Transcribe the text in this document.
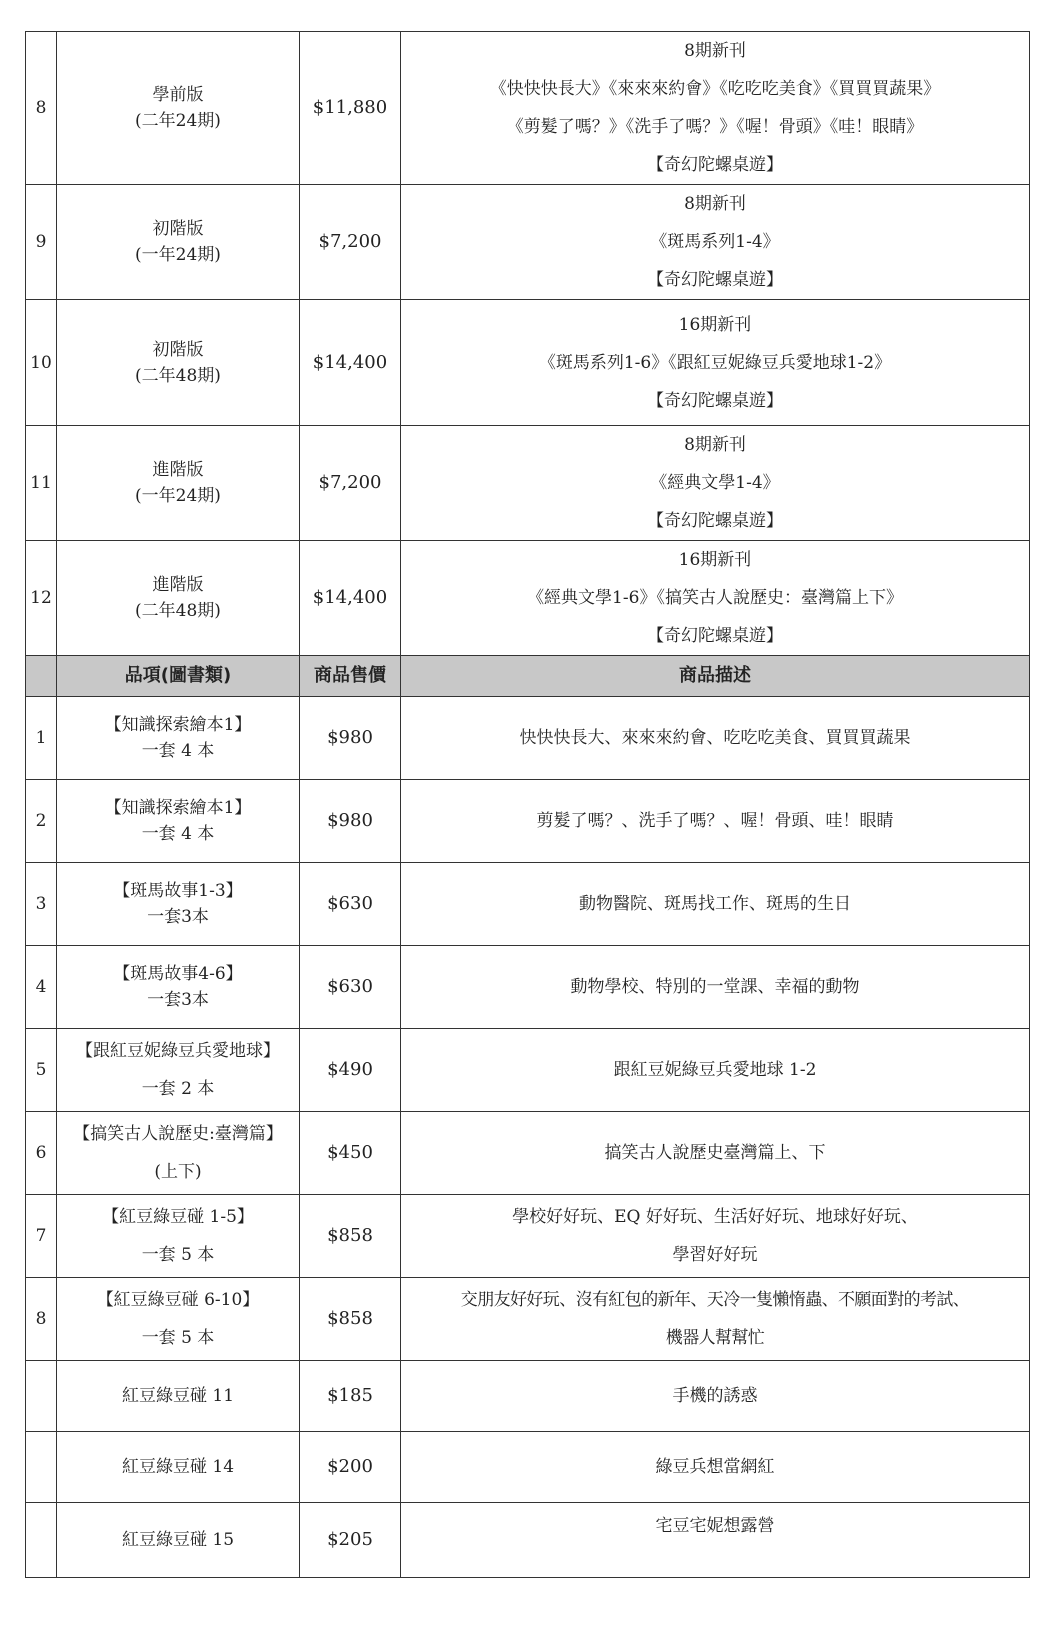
8	學前版
(二年24期)	$11,880	8期新刊
《快快快長大》《來來來約會》《吃吃吃美食》《買買買蔬果》
《剪髮了嗎？》《洗手了嗎？》《喔！骨頭》《哇！眼睛》
【奇幻陀螺桌遊】

9	初階版
(一年24期)	$7,200	8期新刊
《斑馬系列1-4》
【奇幻陀螺桌遊】

10	初階版
(二年48期)	$14,400	16期新刊
《斑馬系列1-6》《跟紅豆妮綠豆兵愛地球1-2》
【奇幻陀螺桌遊】

11	進階版
(一年24期)	$7,200	8期新刊
《經典文學1-4》
【奇幻陀螺桌遊】

12	進階版
(二年48期)	$14,400	16期新刊
《經典文學1-6》《搞笑古人說歷史：臺灣篇上下》
【奇幻陀螺桌遊】

	品項(圖書類)	商品售價	商品描述
1	【知識探索繪本1】
一套 4 本	$980	快快快長大、來來來約會、吃吃吃美食、買買買蔬果

2	【知識探索繪本1】
一套 4 本	$980	剪髮了嗎？、洗手了嗎？、喔！骨頭、哇！眼睛

3	【斑馬故事1-3】
一套3本	$630	動物醫院、斑馬找工作、斑馬的生日

4	【斑馬故事4-6】
一套3本	$630	動物學校、特別的一堂課、幸福的動物

5	【跟紅豆妮綠豆兵愛地球】
一套 2 本	$490	跟紅豆妮綠豆兵愛地球 1-2

6	【搞笑古人說歷史:臺灣篇】
(上下)	$450	搞笑古人說歷史臺灣篇上、下

7	【紅豆綠豆碰 1-5】
一套 5 本	$858	學校好好玩、EQ 好好玩、生活好好玩、地球好好玩、
學習好好玩

8	【紅豆綠豆碰 6-10】
一套 5 本	$858	交朋友好好玩、沒有紅包的新年、天冷一隻懶惰蟲、不願面對的考試、
機器人幫幫忙

	紅豆綠豆碰 11	$185	手機的誘惑

	紅豆綠豆碰 14	$200	綠豆兵想當網紅

	紅豆綠豆碰 15	$205	宅豆宅妮想露營
